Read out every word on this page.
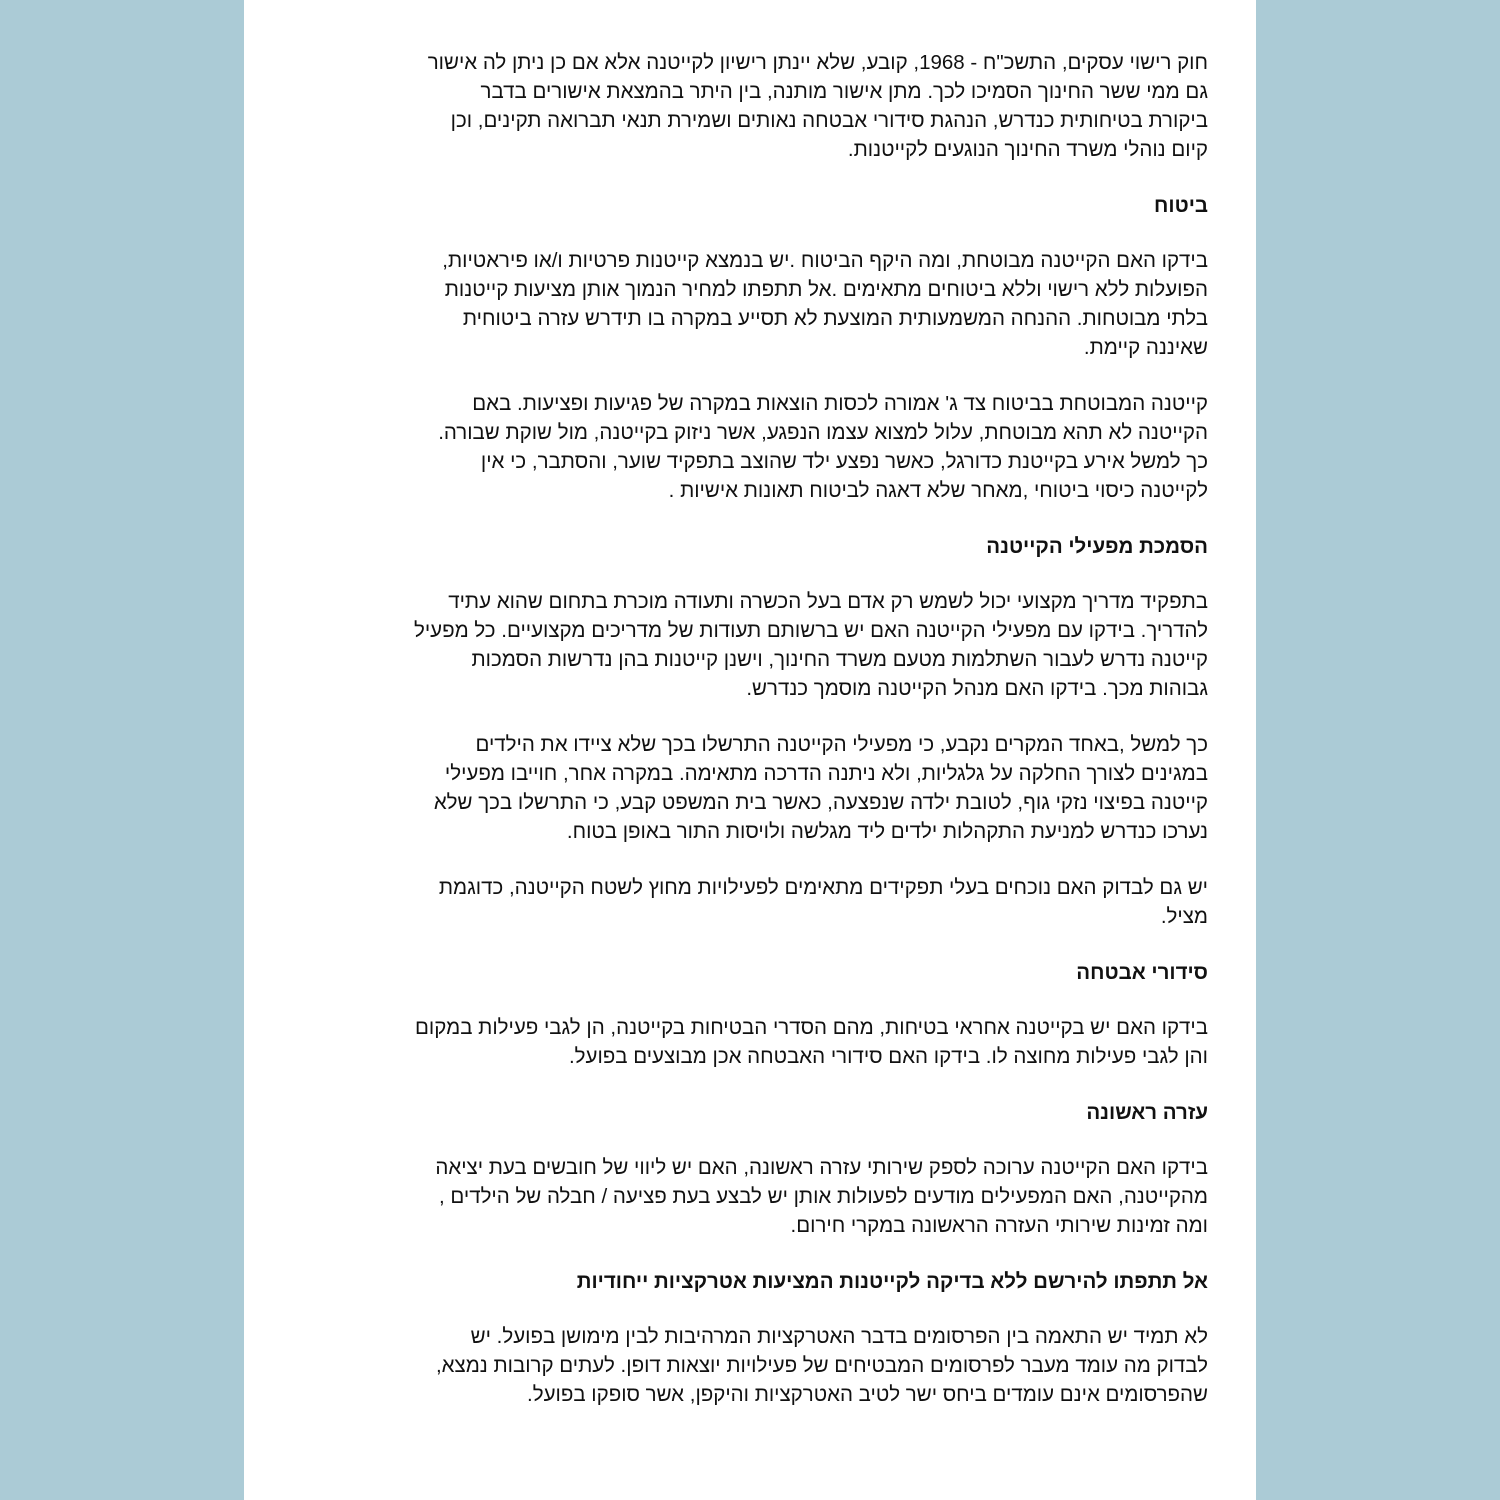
חוק רישוי עסקים, התשכ"ח - 1968, קובע, שלא יינתן רישיון לקייטנה אלא אם כן ניתן לה אישור
גם ממי ששר החינוך הסמיכו לכך. מתן אישור מותנה, בין היתר בהמצאת אישורים בדבר
ביקורת בטיחותית כנדרש, הנהגת סידורי אבטחה נאותים ושמירת תנאי תברואה תקינים, וכן
קיום נוהלי משרד החינוך הנוגעים לקייטנות.

ביטוח

בידקו האם הקייטנה מבוטחת, ומה היקף הביטוח .יש בנמצא קייטנות פרטיות ו/או פיראטיות,
הפועלות ללא רישוי וללא ביטוחים מתאימים .אל תתפתו למחיר הנמוך אותן מציעות קייטנות
בלתי מבוטחות. ההנחה המשמעותית המוצעת לא תסייע במקרה בו תידרש עזרה ביטוחית
שאיננה קיימת.

קייטנה המבוטחת בביטוח צד ג' אמורה לכסות הוצאות במקרה של פגיעות ופציעות. באם
הקייטנה לא תהא מבוטחת, עלול למצוא עצמו הנפגע, אשר ניזוק בקייטנה, מול שוקת שבורה.
כך למשל אירע בקייטנת כדורגל, כאשר נפצע ילד שהוצב בתפקיד שוער, והסתבר, כי אין
לקייטנה כיסוי ביטוחי ,מאחר שלא דאגה לביטוח תאונות אישיות .

הסמכת מפעילי הקייטנה

בתפקיד מדריך מקצועי יכול לשמש רק אדם בעל הכשרה ותעודה מוכרת בתחום שהוא עתיד
להדריך. בידקו עם מפעילי הקייטנה האם יש ברשותם תעודות של מדריכים מקצועיים. כל מפעיל
קייטנה נדרש לעבור השתלמות מטעם משרד החינוך, וישנן קייטנות בהן נדרשות הסמכות
גבוהות מכך. בידקו האם מנהל הקייטנה מוסמך כנדרש.

כך למשל ,באחד המקרים נקבע, כי מפעילי הקייטנה התרשלו בכך שלא ציידו את הילדים
במגינים לצורך החלקה על גלגליות, ולא ניתנה הדרכה מתאימה. במקרה אחר, חוייבו מפעילי
קייטנה בפיצוי נזקי גוף, לטובת ילדה שנפצעה, כאשר בית המשפט קבע, כי התרשלו בכך שלא
נערכו כנדרש למניעת התקהלות ילדים ליד מגלשה ולויסות התור באופן בטוח.

יש גם לבדוק האם נוכחים בעלי תפקידים מתאימים לפעילויות מחוץ לשטח הקייטנה, כדוגמת
מציל.

סידורי אבטחה

בידקו האם יש בקייטנה אחראי בטיחות, מהם הסדרי הבטיחות בקייטנה, הן לגבי פעילות במקום
והן לגבי פעילות מחוצה לו. בידקו האם סידורי האבטחה אכן מבוצעים בפועל.

עזרה ראשונה

בידקו האם הקייטנה ערוכה לספק שירותי עזרה ראשונה, האם יש ליווי של חובשים בעת יציאה
מהקייטנה, האם המפעילים מודעים לפעולות אותן יש לבצע בעת פציעה / חבלה של הילדים ,
ומה זמינות שירותי העזרה הראשונה במקרי חירום.

אל תתפתו להירשם ללא בדיקה לקייטנות המציעות אטרקציות ייחודיות

לא תמיד יש התאמה בין הפרסומים בדבר האטרקציות המרהיבות לבין מימושן בפועל. יש
לבדוק מה עומד מעבר לפרסומים המבטיחים של פעילויות יוצאות דופן. לעתים קרובות נמצא,
שהפרסומים אינם עומדים ביחס ישר לטיב האטרקציות והיקפן, אשר סופקו בפועל.
